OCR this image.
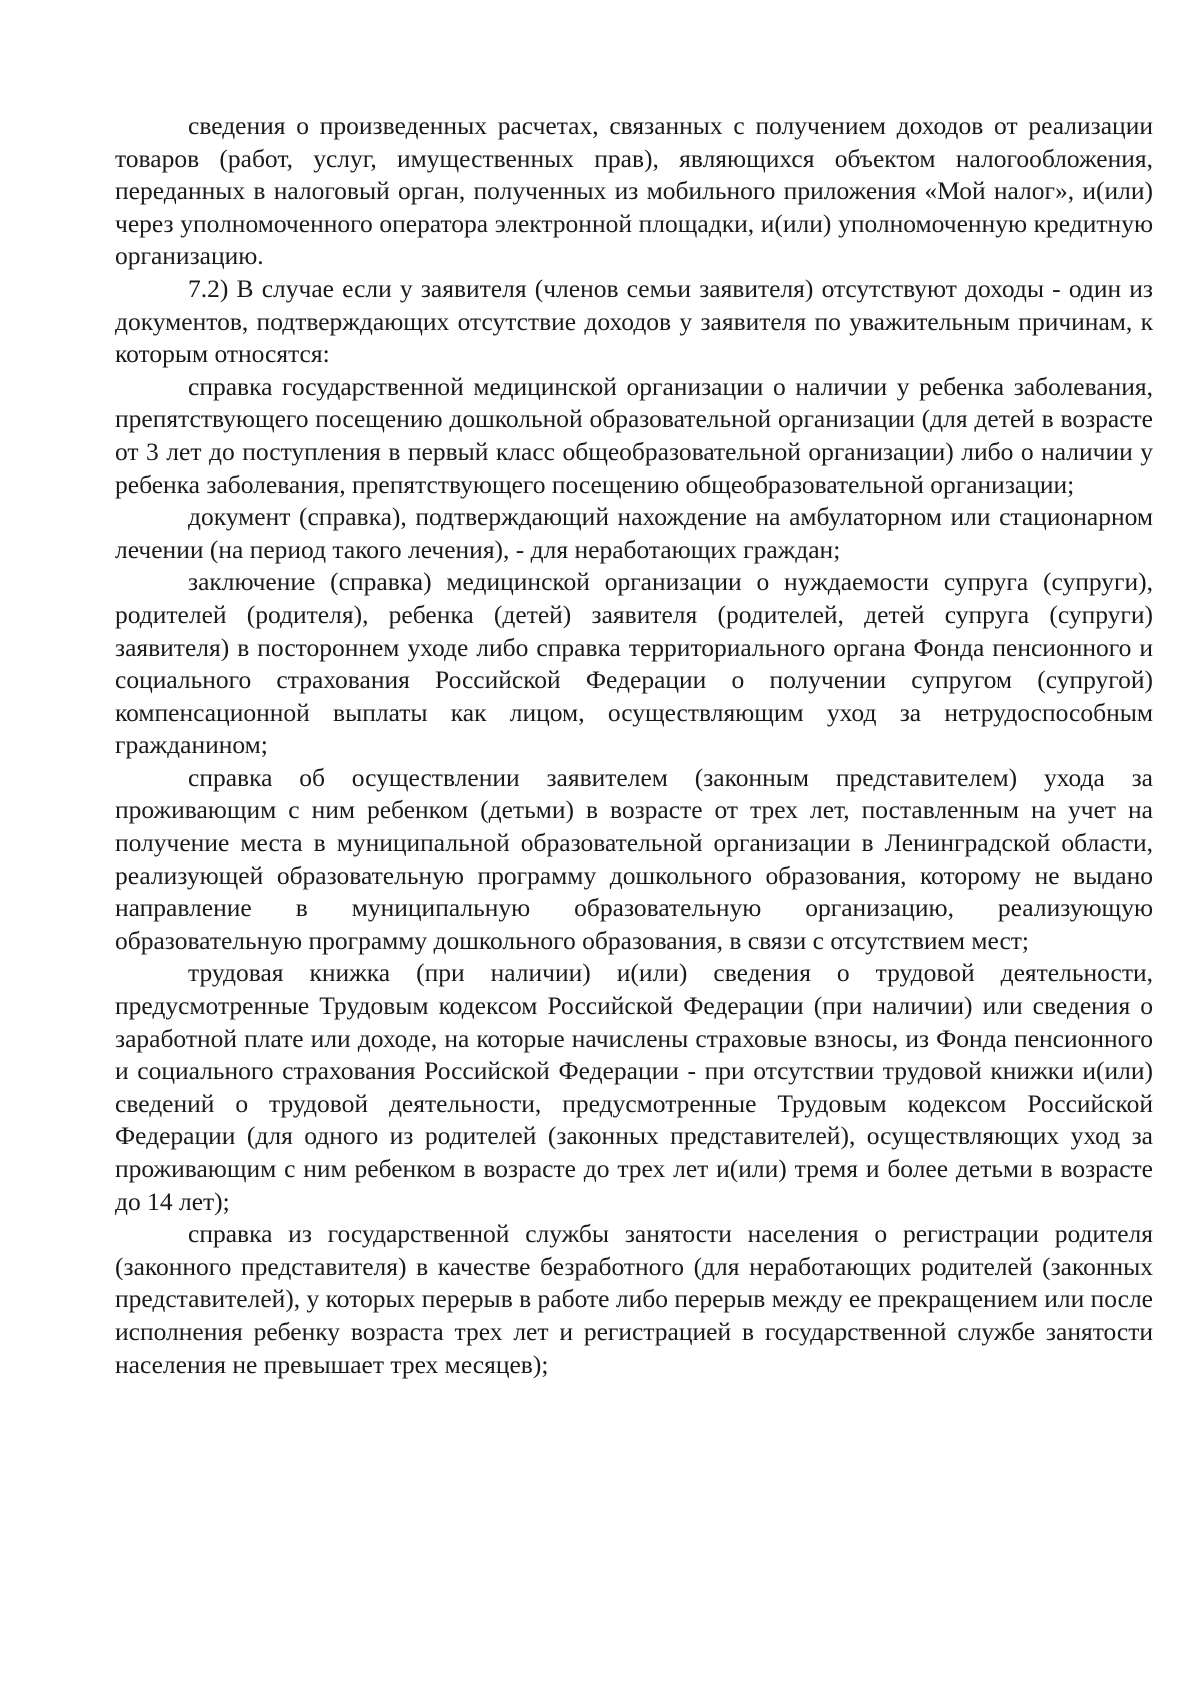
сведения о произведенных расчетах, связанных с получением доходов от реализации товаров (работ, услуг, имущественных прав), являющихся объектом налогообложения, переданных в налоговый орган, полученных из мобильного приложения «Мой налог», и(или) через уполномоченного оператора электронной площадки, и(или) уполномоченную кредитную организацию.

7.2) В случае если у заявителя (членов семьи заявителя) отсутствуют доходы - один из документов, подтверждающих отсутствие доходов у заявителя по уважительным причинам, к которым относятся:

справка государственной медицинской организации о наличии у ребенка заболевания, препятствующего посещению дошкольной образовательной организации (для детей в возрасте от 3 лет до поступления в первый класс общеобразовательной организации) либо о наличии у ребенка заболевания, препятствующего посещению общеобразовательной организации;

документ (справка), подтверждающий нахождение на амбулаторном или стационарном лечении (на период такого лечения), - для неработающих граждан;

заключение (справка) медицинской организации о нуждаемости супруга (супруги), родителей (родителя), ребенка (детей) заявителя (родителей, детей супруга (супруги) заявителя) в постороннем уходе либо справка территориального органа Фонда пенсионного и социального страхования Российской Федерации о получении супругом (супругой) компенсационной выплаты как лицом, осуществляющим уход за нетрудоспособным гражданином;

справка об осуществлении заявителем (законным представителем) ухода за проживающим с ним ребенком (детьми) в возрасте от трех лет, поставленным на учет на получение места в муниципальной образовательной организации в Ленинградской области, реализующей образовательную программу дошкольного образования, которому не выдано направление в муниципальную образовательную организацию, реализующую образовательную программу дошкольного образования, в связи с отсутствием мест;

трудовая книжка (при наличии) и(или) сведения о трудовой деятельности, предусмотренные Трудовым кодексом Российской Федерации (при наличии) или сведения о заработной плате или доходе, на которые начислены страховые взносы, из Фонда пенсионного и социального страхования Российской Федерации - при отсутствии трудовой книжки и(или) сведений о трудовой деятельности, предусмотренные Трудовым кодексом Российской Федерации (для одного из родителей (законных представителей), осуществляющих уход за проживающим с ним ребенком в возрасте до трех лет и(или) тремя и более детьми в возрасте до 14 лет);

справка из государственной службы занятости населения о регистрации родителя (законного представителя) в качестве безработного (для неработающих родителей (законных представителей), у которых перерыв в работе либо перерыв между ее прекращением или после исполнения ребенку возраста трех лет и регистрацией в государственной службе занятости населения не превышает трех месяцев);
